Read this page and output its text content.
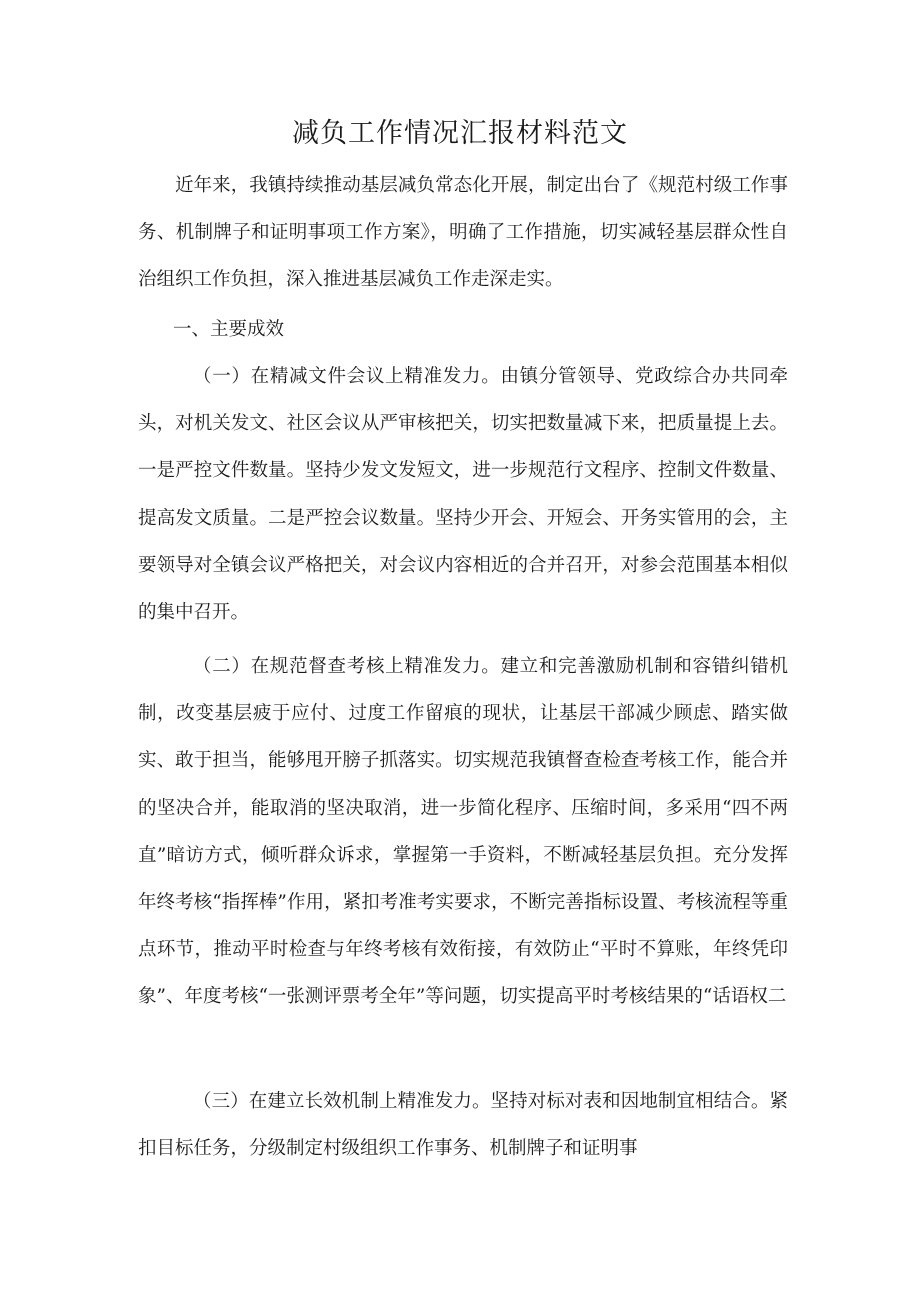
减负工作情况汇报材料范文

近年来，我镇持续推动基层减负常态化开展，制定出台了《规范村级工作事务、机制牌子和证明事项工作方案》，明确了工作措施，切实减轻基层群众性自治组织工作负担，深入推进基层减负工作走深走实。

一、主要成效

（一）在精减文件会议上精准发力。由镇分管领导、党政综合办共同牵头，对机关发文、社区会议从严审核把关，切实把数量减下来，把质量提上去。一是严控文件数量。坚持少发文发短文，进一步规范行文程序、控制文件数量、提高发文质量。二是严控会议数量。坚持少开会、开短会、开务实管用的会，主要领导对全镇会议严格把关，对会议内容相近的合并召开，对参会范围基本相似的集中召开。

（二）在规范督查考核上精准发力。建立和完善激励机制和容错纠错机制，改变基层疲于应付、过度工作留痕的现状，让基层干部减少顾虑、踏实做实、敢于担当，能够甩开膀子抓落实。切实规范我镇督查检查考核工作，能合并的坚决合并，能取消的坚决取消，进一步简化程序、压缩时间，多采用“四不两直”暗访方式，倾听群众诉求，掌握第一手资料，不断减轻基层负担。充分发挥年终考核“指挥棒”作用，紧扣考准考实要求，不断完善指标设置、考核流程等重点环节，推动平时检查与年终考核有效衔接，有效防止“平时不算账，年终凭印象”、年度考核“一张测评票考全年”等问题，切实提高平时考核结果的“话语权二

（三）在建立长效机制上精准发力。坚持对标对表和因地制宜相结合。紧扣目标任务，分级制定村级组织工作事务、机制牌子和证明事
